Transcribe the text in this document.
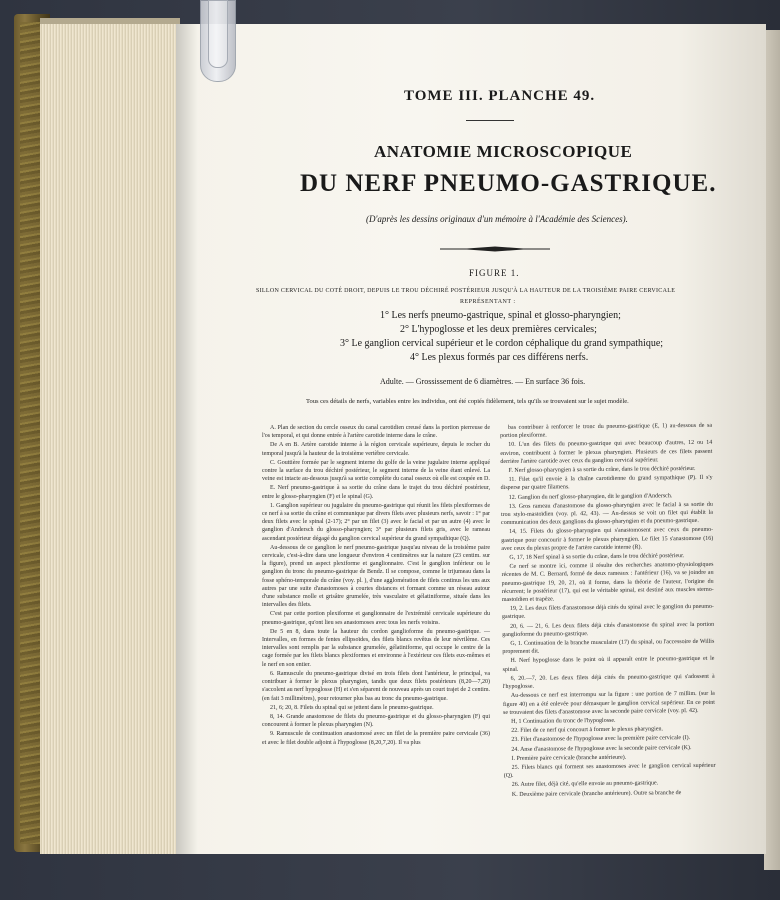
TOME III. PLANCHE 49.
ANATOMIE MICROSCOPIQUE
DU NERF PNEUMO-GASTRIQUE.
(D'après les dessins originaux d'un mémoire à l'Académie des Sciences).
FIGURE 1.
SILLON CERVICAL DU COTÉ DROIT, DEPUIS LE TROU DÉCHIRÉ POSTÉRIEUR JUSQU'À LA HAUTEUR DE LA TROISIÈME PAIRE CERVICALE
REPRÉSENTANT :
1° Les nerfs pneumo-gastrique, spinal et glosso-pharyngien;
2° L'hypoglosse et les deux premières cervicales;
3° Le ganglion cervical supérieur et le cordon céphalique du grand sympathique;
4° Les plexus formés par ces différens nerfs.
Adulte. — Grossissement de 6 diamètres. — En surface 36 fois.
Tous ces détails de nerfs, variables entre les individus, ont été copiés fidèlement, tels qu'ils se trouvaient sur le sujet modèle.

A. Plan de section du cercle osseux du canal carotidien creusé dans la portion pierreuse de l'os temporal, et qui donne entrée à l'artère carotide interne dans le crâne.

De A en B. Artère carotide interne à la région cervicale supérieure, depuis le rocher du temporal jusqu'à la hauteur de la troisième vertèbre cervicale.

C. Gouttière formée par le segment interne du golfe de la veine jugulaire interne appliqué contre la surface du trou déchiré postérieur, le segment interne de la veine étant enlevé. La veine est intacte au-dessous jusqu'à sa sortie complète du canal osseux où elle est coupée en D.

E. Nerf pneumo-gastrique à sa sortie du crâne dans le trajet du trou déchiré postérieur, entre le glosso-pharyngien (F) et le spinal (G).

1. Ganglion supérieur ou jugulaire du pneumo-gastrique qui réunit les filets plexiformes de ce nerf à sa sortie du crâne et communique par divers filets avec plusieurs nerfs, savoir : 1° par deux filets avec le spinal (2-17); 2° par un filet (3) avec le facial et par un autre (4) avec le ganglion d'Andersch du glosso-pharyngien; 3° par plusieurs filets gris, avec le rameau ascendant postérieur dégagé du ganglion cervical supérieur du grand sympathique (Q).

Au-dessous de ce ganglion le nerf pneumo-gastrique jusqu'au niveau de la troisième paire cervicale, c'est-à-dire dans une longueur d'environ 4 centimètres sur la nature (23 centim. sur la figure), prend un aspect plexiforme et ganglionnaire. C'est le ganglion inférieur ou le ganglion du tronc du pneumo-gastrique de Bendz. Il se compose, comme le trijumeau dans la fosse sphéno-temporale du crâne (voy. pl. ), d'une agglomération de filets continus les uns aux autres par une suite d'anastomoses à courtes distances et formant comme un réseau autour d'une substance molle et grisâtre grumelée, très vasculaire et gélatiniforme, située dans les intervalles des filets.

C'est par cette portion plexiforme et ganglionnaire de l'extrémité cervicale supérieure du pneumo-gastrique, qu'ont lieu ses anastomoses avec tous les nerfs voisins.

De 5 en 8, dans toute la hauteur du cordon ganglioforme du pneumo-gastrique. — Intervalles, en formes de fentes ellipsoïdes, des filets blancs revêtus de leur névrilème. Ces intervalles sont remplis par la substance grumelée, gélatiniforme, qui occupe le centre de la cage formée par les filets blancs plexiformes et environne à l'extérieur ces filets eux-mêmes et le nerf en son entier.

6. Ramuscule du pneumo-gastrique divisé en trois filets dont l'antérieur, le principal, va contribuer à former le plexus pharyngien, tandis que deux filets postérieurs (8,20—7,20) s'accolent au nerf hypoglosse (H) et s'en séparent de nouveau après un court trajet de 2 centim. (en fait 3 millimètres), pour retourner plus bas au tronc du pneumo-gastrique.

21, 6; 20, 8. Filets du spinal qui se jettent dans le pneumo-gastrique.

8, 14. Grande anastomose de filets du pneumo-gastrique et du glosso-pharyngien (F) qui concourent à former le plexus pharyngien (N).

9. Ramuscule de continuation anastomosé avec un filet de la première paire cervicale (36) et avec le filet double adjoint à l'hypoglosse (8,20,7,20). Il va plus

bas contribuer à renforcer le tronc du pneumo-gastrique (E, 1) au-dessous de sa portion plexiforme.

10. L'un des filets du pneumo-gastrique qui avec beaucoup d'autres, 12 ou 14 environ, contribuent à former le plexus pharyngien. Plusieurs de ces filets passent derrière l'artère carotide avec ceux du ganglion cervical supérieur.

F. Nerf glosso-pharyngien à sa sortie du crâne, dans le trou déchiré postérieur.

11. Filet qu'il envoie à la chaîne carotidienne du grand sympathique (P). Il s'y disperse par quatre filamens.

12. Ganglion du nerf glosso-pharyngien, dit le ganglion d'Andersch.

13. Gros rameau d'anastomose du glosso-pharyngien avec le facial à sa sortie du trou stylo-mastoïdien (voy. pl. 42, 43). — Au-dessus se voit un filet qui établit la communication des deux ganglions du glosso-pharyngien et du pneumo-gastrique.

14, 15. Filets du glosso-pharyngien qui s'anastomosent avec ceux du pneumo-gastrique pour concourir à former le plexus pharyngien. Le filet 15 s'anastomose (16) avec ceux du plexus propre de l'artère carotide interne (R).

G, 17, 18 Nerf spinal à sa sortie du crâne, dans le trou déchiré postérieur.

Ce nerf se montre ici, comme il résulte des recherches anatomo-physiologiques récentes de M. C. Bernard, formé de deux rameaux : l'antérieur (16), va se joindre au pneumo-gastrique 19, 20, 21, où il forme, dans la théorie de l'auteur, l'origine du récurrent; le postérieur (17), qui est le véritable spinal, est destiné aux muscles sterno-mastoïdien et trapèze.

19, 2. Les deux filets d'anastomose déjà cités du spinal avec le ganglion du pneumo-gastrique.

20, 6. — 21, 6. Les deux filets déjà cités d'anastomose du spinal avec la portion ganglioforme du pneumo-gastrique.

G, 1. Continuation de la branche musculaire (17) du spinal, ou l'accessoire de Willis proprement dit.

H. Nerf hypoglosse dans le point où il apparaît entre le pneumo-gastrique et le spinal.

6, 20.—7, 20. Les deux filets déjà cités du pneumo-gastrique qui s'adossent à l'hypoglosse.

Au-dessous ce nerf est interrompu sur la figure : une portion de 7 millim. (sur la figure 40) en a été enlevée pour démasquer le ganglion cervical supérieur. En ce point se trouvaient des filets d'anastomose avec la seconde paire cervicale (voy. pl. 42).

H, 1 Continuation du tronc de l'hypoglosse.

22. Filet de ce nerf qui concourt à former le plexus pharyngien.

23. Filet d'anastomose de l'hypoglosse avec la première paire cervicale (I).

24. Anse d'anastomose de l'hypoglosse avec la seconde paire cervicale (K).

I. Première paire cervicale (branche antérieure).

25. Filets blancs qui forment ses anastomoses avec le ganglion cervical supérieur (Q).

26. Autre filet, déjà cité, qu'elle envoie au pneumo-gastrique.

K. Deuxième paire cervicale (branche antérieure). Outre sa branche de
